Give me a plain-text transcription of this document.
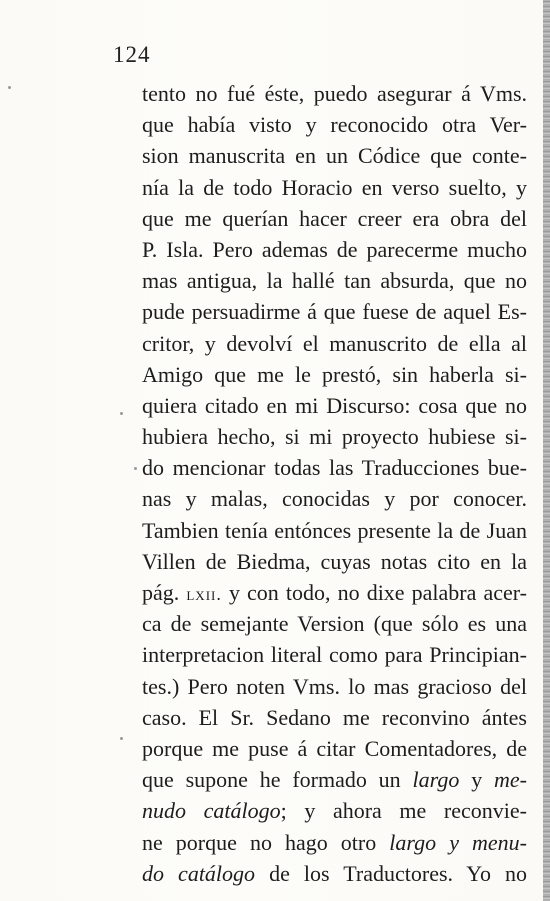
124
tento no fué éste, puedo asegurar á Vms.
que había visto y reconocido otra Ver-
sion manuscrita en un Códice que conte-
nía la de todo Horacio en verso suelto, y
que me querían hacer creer era obra del
P. Isla. Pero ademas de parecerme mucho
mas antigua, la hallé tan absurda, que no
pude persuadirme á que fuese de aquel Es-
critor, y devolví el manuscrito de ella al
Amigo que me le prestó, sin haberla si-
quiera citado en mi Discurso: cosa que no
hubiera hecho, si mi proyecto hubiese si-
do mencionar todas las Traducciones bue-
nas y malas, conocidas y por conocer.
Tambien tenía entónces presente la de Juan
Villen de Biedma, cuyas notas cito en la
pág. lxii. y con todo, no dixe palabra acer-
ca de semejante Version (que sólo es una
interpretacion literal como para Principian-
tes.) Pero noten Vms. lo mas gracioso del
caso. El Sr. Sedano me reconvino ántes
porque me puse á citar Comentadores, de
que supone he formado un largo y me-
nudo catálogo; y ahora me reconvie-
ne porque no hago otro largo y menu-
do catálogo de los Traductores. Yo no
